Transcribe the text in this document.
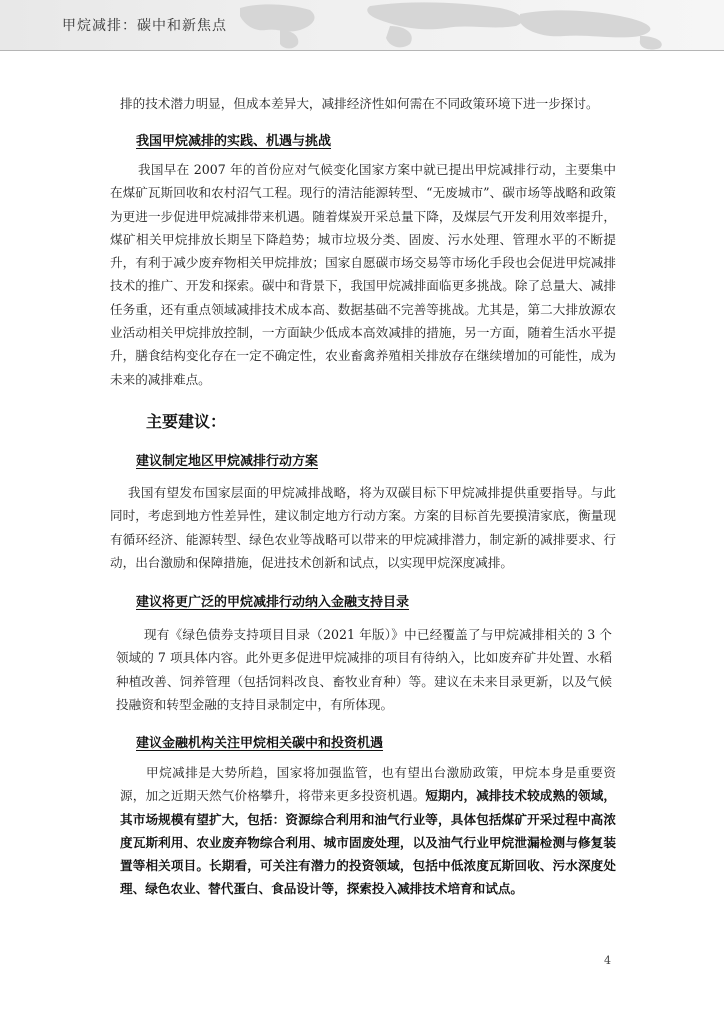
甲烷减排：碳中和新焦点

排的技术潜力明显，但成本差异大，减排经济性如何需在不同政策环境下进一步探讨。

我国甲烷减排的实践、机遇与挑战

我国早在 2007 年的首份应对气候变化国家方案中就已提出甲烷减排行动，主要集中在煤矿瓦斯回收和农村沼气工程。现行的清洁能源转型、“无废城市”、碳市场等战略和政策为更进一步促进甲烷减排带来机遇。随着煤炭开采总量下降，及煤层气开发利用效率提升，煤矿相关甲烷排放长期呈下降趋势；城市垃圾分类、固废、污水处理、管理水平的不断提升，有利于减少废弃物相关甲烷排放；国家自愿碳市场交易等市场化手段也会促进甲烷减排技术的推广、开发和探索。碳中和背景下，我国甲烷减排面临更多挑战。除了总量大、减排任务重，还有重点领域减排技术成本高、数据基础不完善等挑战。尤其是，第二大排放源农业活动相关甲烷排放控制，一方面缺少低成本高效减排的措施，另一方面，随着生活水平提升，膳食结构变化存在一定不确定性，农业畜禽养殖相关排放存在继续增加的可能性，成为未来的减排难点。

主要建议：
建议制定地区甲烷减排行动方案

我国有望发布国家层面的甲烷减排战略，将为双碳目标下甲烷减排提供重要指导。与此同时，考虑到地方性差异性，建议制定地方行动方案。方案的目标首先要摸清家底，衡量现有循环经济、能源转型、绿色农业等战略可以带来的甲烷减排潜力，制定新的减排要求、行动，出台激励和保障措施，促进技术创新和试点，以实现甲烷深度减排。

建议将更广泛的甲烷减排行动纳入金融支持目录

现有《绿色债券支持项目目录（2021 年版）》中已经覆盖了与甲烷减排相关的 3 个领域的 7 项具体内容。此外更多促进甲烷减排的项目有待纳入，比如废弃矿井处置、水稻种植改善、饲养管理（包括饲料改良、畜牧业育种）等。建议在未来目录更新，以及气候投融资和转型金融的支持目录制定中，有所体现。

建议金融机构关注甲烷相关碳中和投资机遇

甲烷减排是大势所趋，国家将加强监管，也有望出台激励政策，甲烷本身是重要资源，加之近期天然气价格攀升，将带来更多投资机遇。短期内，减排技术较成熟的领域，其市场规模有望扩大，包括：资源综合利用和油气行业等，具体包括煤矿开采过程中高浓度瓦斯利用、农业废弃物综合利用、城市固废处理，以及油气行业甲烷泄漏检测与修复装置等相关项目。长期看，可关注有潜力的投资领域，包括中低浓度瓦斯回收、污水深度处理、绿色农业、替代蛋白、食品设计等，探索投入减排技术培育和试点。

4
